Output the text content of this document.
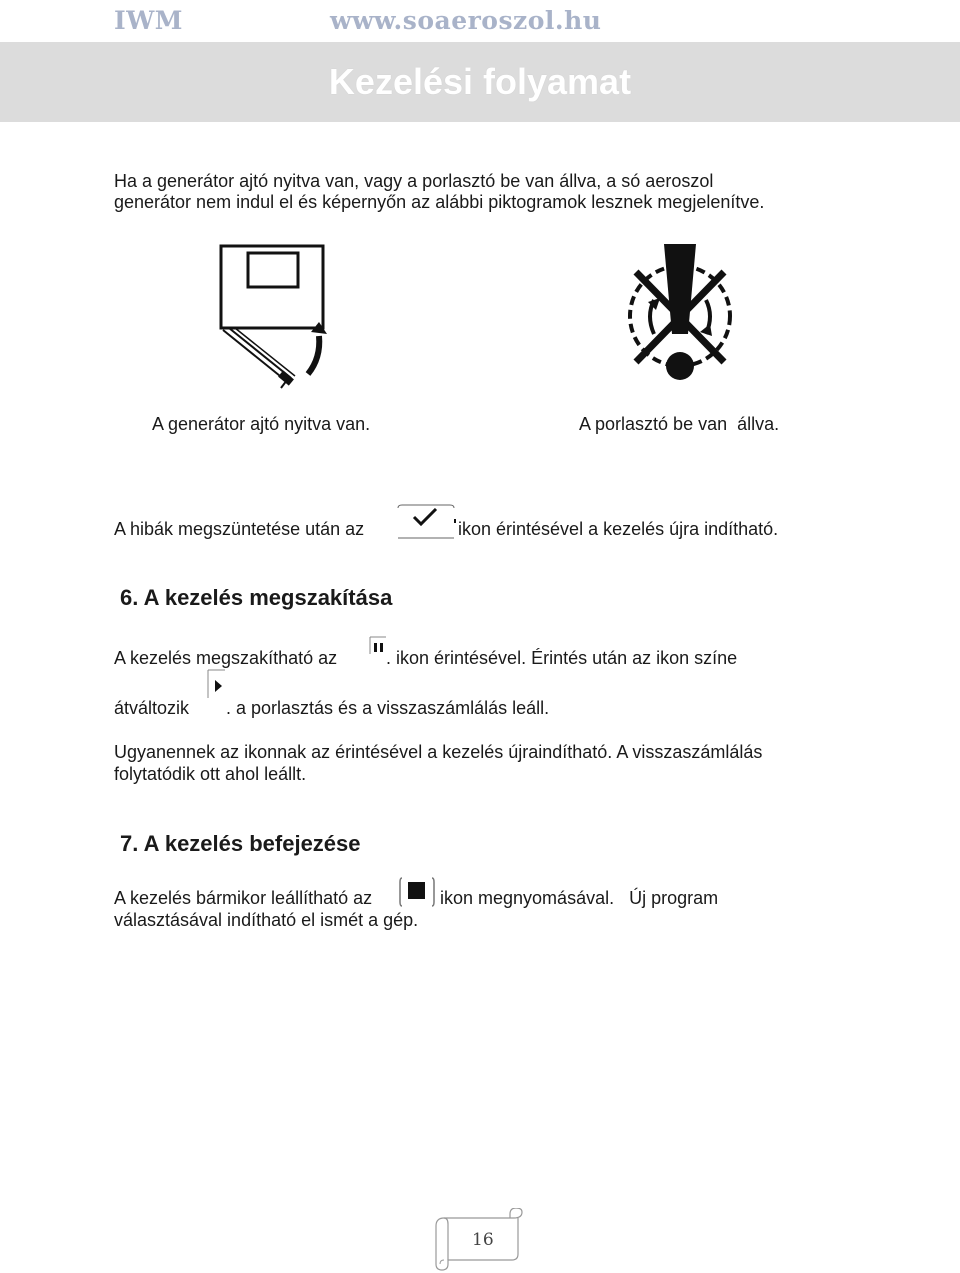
IWM	www.soaeroszol.hu
Kezelési folyamat
Ha a generátor ajtó nyitva van, vagy a porlasztó be van állva, a só aeroszol
generátor nem indul el és képernyőn az alábbi piktogramok lesznek megjelenítve.
A generátor ajtó nyitva van.	A porlasztó be van  állva.
A hibák megszüntetése után az	ikon érintésével a kezelés újra indítható.
6. A kezelés megszakítása
A kezelés megszakítható az	. ikon érintésével. Érintés után az ikon színe
átváltozik . a porlasztás és a visszaszámlálás leáll.
Ugyanennek az ikonnak az érintésével a kezelés újraindítható. A visszaszámlálás
folytatódik ott ahol leállt.
7. A kezelés befejezése
A kezelés bármikor leállítható az	ikon megnyomásával.   Új program
választásával indítható el ismét a gép.
16
